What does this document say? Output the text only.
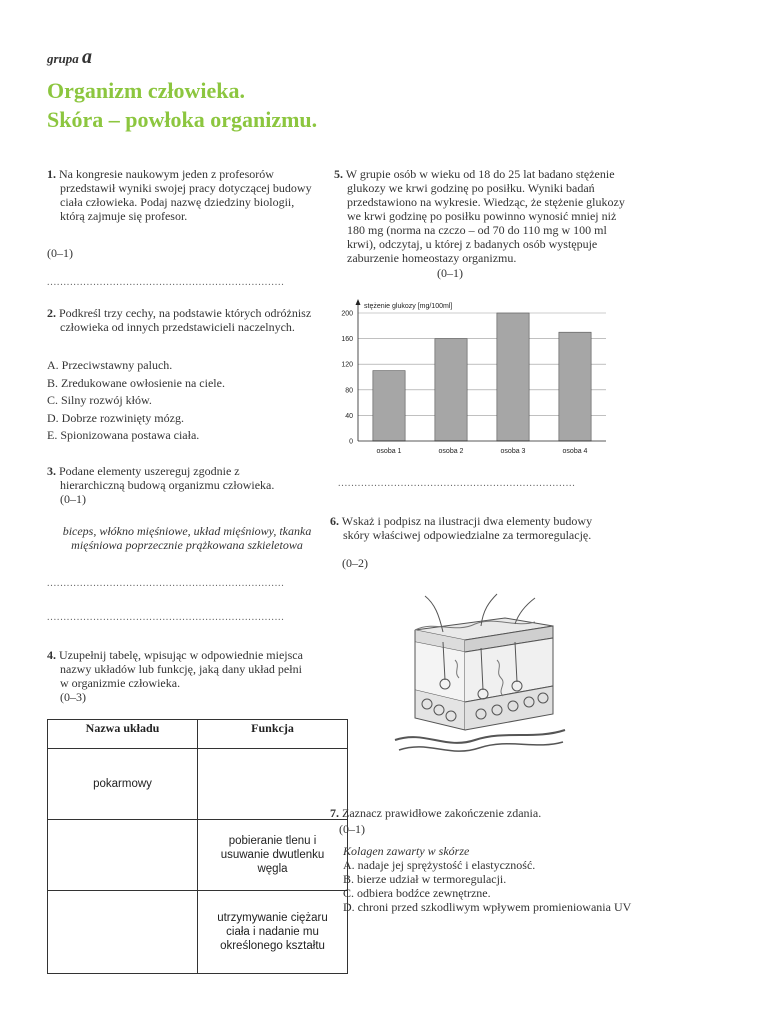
grupa a
Organizm człowieka.
Skóra – powłoka organizmu.
1. Na kongresie naukowym jeden z profesorów przedstawił wyniki swojej pracy dotyczącej budowy ciała człowieka. Podaj nazwę dziedziny biologii, którą zajmuje się profesor.
(0–1)
........................................................................
2. Podkreśl trzy cechy, na podstawie których odróżnisz człowieka od innych przedstawicieli naczelnych.
A. Przeciwstawny paluch.
B. Zredukowane owłosienie na ciele.
C. Silny rozwój kłów.
D. Dobrze rozwinięty mózg.
E. Spionizowana postawa ciała.
3. Podane elementy uszereguj zgodnie z hierarchiczną budową organizmu człowieka.
(0–1)
biceps, włókno mięśniowe, układ mięśniowy, tkanka mięśniowa poprzecznie prążkowana szkieletowa
........................................................................
........................................................................
4. Uzupełnij tabelę, wpisując w odpowiednie miejsca nazwy układów lub funkcję, jaką dany układ pełni w organizmie człowieka.
(0–3)
Nazwa układu	Funkcja
pokarmowy	
	pobieranie tlenu i usuwanie dwutlenku węgla
	utrzymywanie ciężaru ciała i nadanie mu określonego kształtu
5. W grupie osób w wieku od 18 do 25 lat badano stężenie glukozy we krwi godzinę po posiłku. Wyniki badań przedstawiono na wykresie. Wiedząc, że stężenie glukozy we krwi godzinę po posiłku powinno wynosić mniej niż 180 mg (norma na czczo – od 70 do 110 mg w 100 ml krwi), odczytaj, u której z badanych osób występuje zaburzenie homeostazy organizmu.
(0–1)
0
40
80
120
160
200
osoba 1	osoba 2	osoba 3	osoba 4
stężenie glukozy [mg/100ml]
........................................................................
6. Wskaż i podpisz na ilustracji dwa elementy budowy skóry właściwej odpowiedzialne za termoregulację.
(0–2)
7. Zaznacz prawidłowe zakończenie zdania.
(0–1)
Kolagen zawarty w skórze
A. nadaje jej sprężystość i elastyczność.
B. bierze udział w termoregulacji.
C. odbiera bodźce zewnętrzne.
D. chroni przed szkodliwym wpływem promieniowania UV
